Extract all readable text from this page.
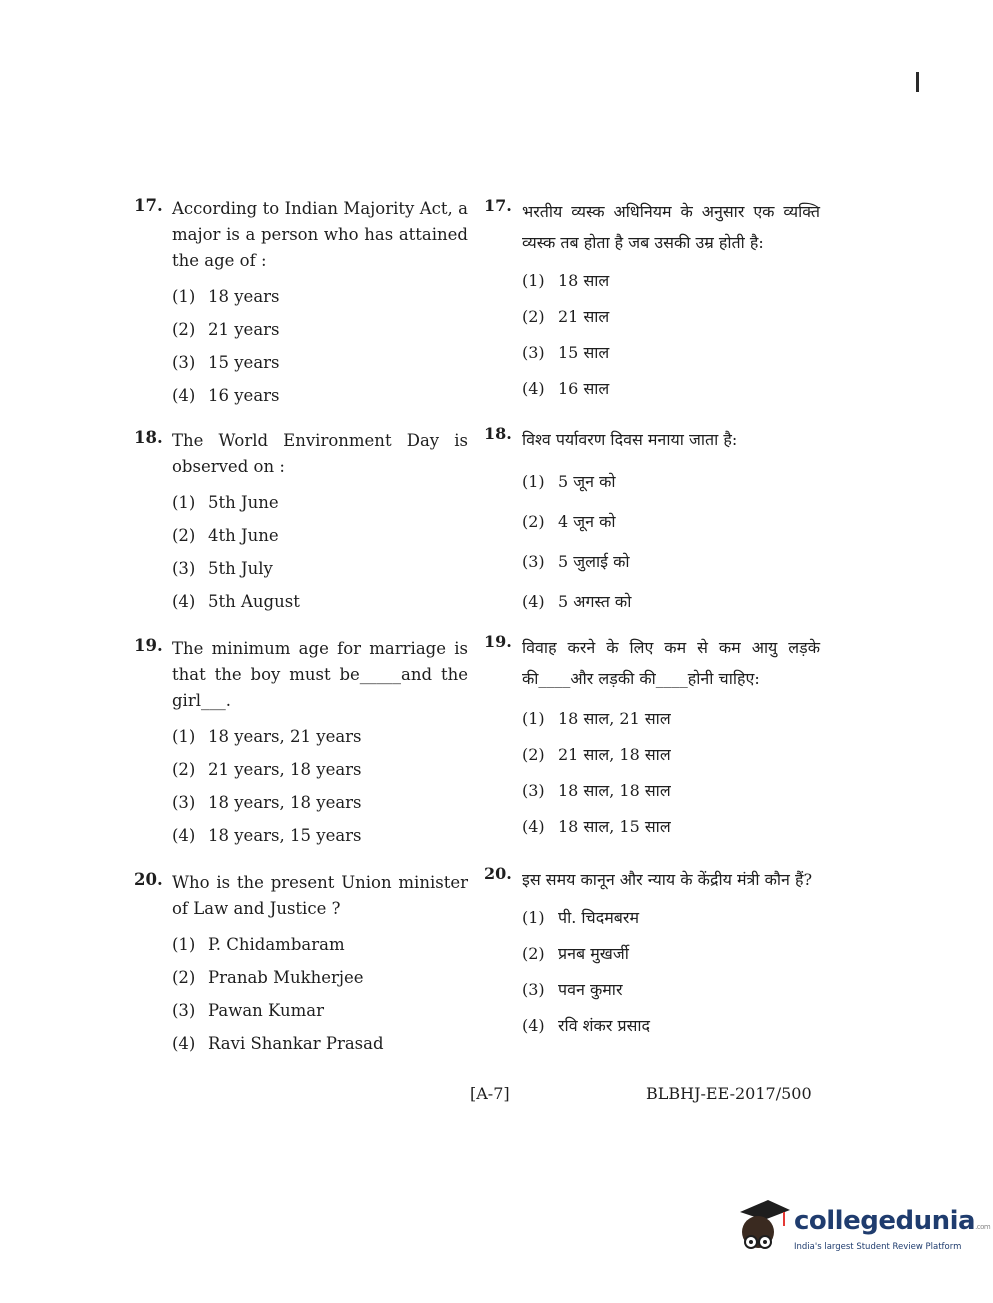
17. According to Indian Majority Act, a major is a person who has attained the age of :
(1) 18 years
(2) 21 years
(3) 15 years
(4) 16 years
18. The World Environment Day is observed on :
(1) 5th June
(2) 4th June
(3) 5th July
(4) 5th August
19. The minimum age for marriage is that the boy must be_____and the girl___.
(1) 18 years, 21 years
(2) 21 years, 18 years
(3) 18 years, 18 years
(4) 18 years, 15 years
20. Who is the present Union minister of Law and Justice ?
(1) P. Chidambaram
(2) Pranab Mukherjee
(3) Pawan Kumar
(4) Ravi Shankar Prasad
17. भरतीय व्यस्क अधिनियम के अनुसार एक व्यक्ति व्यस्क तब होता है जब उसकी उम्र होती है:
(1) 18 साल
(2) 21 साल
(3) 15 साल
(4) 16 साल
18. विश्व पर्यावरण दिवस मनाया जाता है:
(1) 5 जून को
(2) 4 जून को
(3) 5 जुलाई को
(4) 5 अगस्त को
19. विवाह करने के लिए कम से कम आयु लड़के की____और लड़की की____होनी चाहिए:
(1) 18 साल, 21 साल
(2) 21 साल, 18 साल
(3) 18 साल, 18 साल
(4) 18 साल, 15 साल
20. इस समय कानून और न्याय के केंद्रीय मंत्री कौन हैं?
(1) पी. चिदमबरम
(2) प्रनब मुखर्जी
(3) पवन कुमार
(4) रवि शंकर प्रसाद
[A-7]	BLBHJ-EE-2017/500
collegedunia.com
India's largest Student Review Platform
